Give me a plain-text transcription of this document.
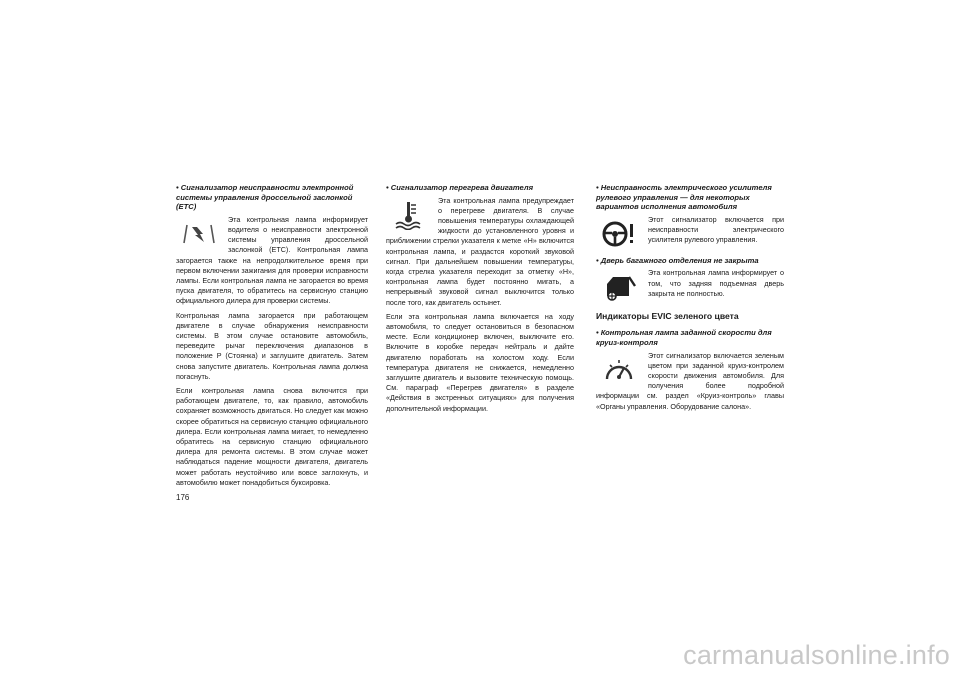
• Сигнализатор неисправности электронной системы управления дроссельной заслонкой (ETC)

Эта контрольная лампа информирует водителя о неисправности электронной системы управления дроссельной заслонкой (ETC). Контрольная лампа загорается также на непродолжительное время при первом включении зажигания для проверки исправности лампы. Если контрольная лампа не загорается во время пуска двигателя, то обратитесь на сервисную станцию официального дилера для проверки системы.

Контрольная лампа загорается при работающем двигателе в случае обнаружения неисправности системы. В этом случае остановите автомобиль, переведите рычаг переключения диапазонов в положение P (Стоянка) и заглушите двигатель. Затем снова запустите двигатель. Контрольная лампа должна погаснуть.

Если контрольная лампа снова включится при работающем двигателе, то, как правило, автомобиль сохраняет возможность двигаться. Но следует как можно скорее обратиться на сервисную станцию официального дилера. Если контрольная лампа мигает, то немедленно обратитесь на сервисную станцию официального дилера для ремонта системы. В этом случае может наблюдаться падение мощности двигателя, двигатель может работать неустойчиво или вовсе заглохнуть, и автомобилю может понадобиться буксировка.

• Сигнализатор перегрева двигателя

Эта контрольная лампа предупреждает о перегреве двигателя. В случае повышения температуры охлаждающей жидкости до установленного уровня и приближении стрелки указателя к метке «H» включится контрольная лампа, и раздастся короткий звуковой сигнал. При дальнейшем повышении температуры, когда стрелка указателя переходит за отметку «H», контрольная лампа будет постоянно мигать, а непрерывный звуковой сигнал выключится только после того, как двигатель остынет.

Если эта контрольная лампа включается на ходу автомобиля, то следует остановиться в безопасном месте. Если кондиционер включен, выключите его. Включите в коробке передач нейтраль и дайте двигателю поработать на холостом ходу. Если температура двигателя не снижается, немедленно заглушите двигатель и вызовите техническую помощь. См. параграф «Перегрев двигателя» в разделе «Действия в экстренных ситуациях» для получения дополнительной информации.

• Неисправность электрического усилителя рулевого управления — для некоторых вариантов исполнения автомобиля

Этот сигнализатор включается при неисправности электрического усилителя рулевого управления.

• Дверь багажного отделения не закрыта

Эта контрольная лампа информирует о том, что задняя подъемная дверь закрыта не полностью.

Индикаторы EVIC зеленого цвета
• Контрольная лампа заданной скорости для круиз-контроля

Этот сигнализатор включается зеленым цветом при заданной круиз-контролем скорости движения автомобиля. Для получения более подробной информации см. раздел «Круиз-контроль» главы «Органы управления. Оборудование салона».

176
carmanualsonline.info
